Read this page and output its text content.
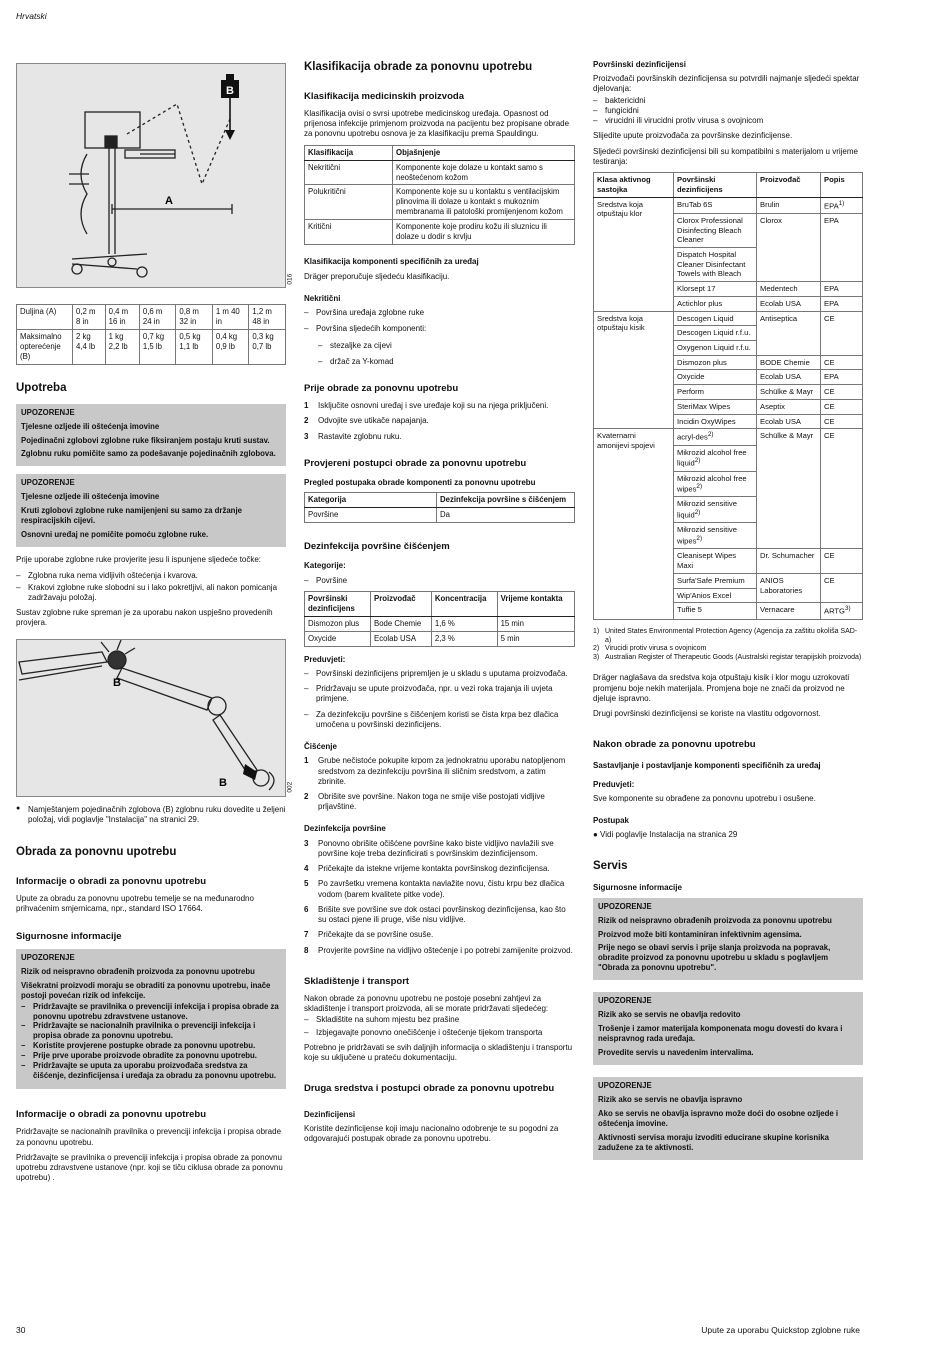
Hrvatski
B
A
016
Duljina (A)	0,2 m 8 in	0,4 m 16 in	0,6 m 24 in	0,8 m 32 in	1 m 40 in	1,2 m 48 in
Maksimalno opterećenje (B)	2 kg 4,4 lb	1 kg 2,2 lb	0,7 kg 1,5 lb	0,5 kg 1,1 lb	0,4 kg 0,9 lb	0,3 kg 0,7 lb
Upotreba
UPOZORENJE

Tjelesne ozljede ili oštećenja imovine

Pojedinačni zglobovi zglobne ruke fiksiranjem postaju kruti sustav.

Zglobnu ruku pomičite samo za podešavanje pojedinačnih zglobova.

UPOZORENJE

Tjelesne ozljede ili oštećenja imovine

Kruti zglobovi zglobne ruke namijenjeni su samo za držanje respiracijskih cijevi.

Osnovni uređaj ne pomičite pomoću zglobne ruke.

Prije uporabe zglobne ruke provjerite jesu li ispunjene sljedeće točke:

– Zglobna ruka nema vidljivih oštećenja i kvarova.
– Krakovi zglobne ruke slobodni su i lako pokretljivi, ali nakon pomicanja zadržavaju položaj.

Sustav zglobne ruke spreman je za uporabu nakon uspješno provedenih provjera.

B
B	002

● Namještanjem pojedinačnih zglobova (B) zglobnu ruku dovedite u željeni položaj, vidi poglavlje "Instalacija" na stranici 29.

Obrada za ponovnu upotrebu
Informacije o obradi za ponovnu upotrebu

Upute za obradu za ponovnu upotrebu temelje se na međunarodno prihvaćenim smjernicama, npr., standard ISO 17664.

Sigurnosne informacije
UPOZORENJE

Rizik od neispravno obrađenih proizvoda za ponovnu upotrebu

Višekratni proizvodi moraju se obraditi za ponovnu upotrebu, inače postoji povećan rizik od infekcije.

– Pridržavajte se pravilnika o prevenciji infekcija i propisa obrade za ponovnu upotrebu zdravstvene ustanove.
– Pridržavajte se nacionalnih pravilnika o prevenciji infekcija i propisa obrade za ponovnu upotrebu.
– Koristite provjerene postupke obrade za ponovnu upotrebu.
– Prije prve uporabe proizvode obradite za ponovnu upotrebu.
– Pridržavajte se uputa za uporabu proizvođača sredstva za čišćenje, dezinficijensa i uređaja za obradu za ponovnu upotrebu.
Informacije o obradi za ponovnu upotrebu

Pridržavajte se nacionalnih pravilnika o prevenciji infekcija i propisa obrade za ponovnu upotrebu.

Pridržavajte se pravilnika o prevenciji infekcija i propisa obrade za ponovnu upotrebu zdravstvene ustanove (npr. koji se tiču ciklusa obrade za ponovnu upotrebu) .

Klasifikacija obrade za ponovnu upotrebu
Klasifikacija medicinskih proizvoda

Klasifikacija ovisi o svrsi upotrebe medicinskog uređaja. Opasnost od prijenosa infekcije primjenom proizvoda na pacijentu bez propisane obrade za ponovnu upotrebu osnova je za klasifikaciju prema Spauldingu.

Klasifikacija	Objašnjenje
Nekritični	Komponente koje dolaze u kontakt samo s neoštećenom kožom
Polukritični	Komponente koje su u kontaktu s ventilacijskim plinovima ili dolaze u kontakt s mukoznim membranama ili patološki promijenjenom kožom
Kritični	Komponente koje prodiru kožu ili sluznicu ili dolaze u dodir s krvlju
Klasifikacija komponenti specifičnih za uređaj

Dräger preporučuje sljedeću klasifikaciju.

Nekritični
– Površina uređaja zglobne ruke
– Površina sljedećih komponenti:
– stezaljke za cijevi
– držač za Y-komad
Prije obrade za ponovnu upotrebu
1 Isključite osnovni uređaj i sve uređaje koji su na njega priključeni.
2 Odvojite sve utikače napajanja.
3 Rastavite zglobnu ruku.
Provjereni postupci obrade za ponovnu upotrebu
Pregled postupaka obrade komponenti za ponovnu upotrebu
Kategorija	Dezinfekcija površine s čišćenjem
Površine	Da
Dezinfekcija površine čišćenjem
Kategorije:
– Površine
Površinski dezinficijens	Proizvođač	Koncentracija	Vrijeme kontakta
Dismozon plus	Bode Chemie	1,6 %	15 min
Oxycide	Ecolab USA	2,3 %	5 min
Preduvjeti:
– Površinski dezinficijens pripremljen je u skladu s uputama proizvođača.
– Pridržavaju se upute proizvođača, npr. u vezi roka trajanja ili uvjeta primjene.
– Za dezinfekciju površine s čišćenjem koristi se čista krpa bez dlačica umočena u površinski dezinficijens.
Čišćenje
1 Grube nečistoće pokupite krpom za jednokratnu uporabu natopljenom sredstvom za dezinfekciju površina ili sličnim sredstvom, a zatim zbrinite.
2 Obrišite sve površine. Nakon toga ne smije više postojati vidljive prljavštine.
Dezinfekcija površine
3 Ponovno obrišite očišćene površine kako biste vidljivo navlažili sve površine koje treba dezinficirati s površinskim dezinficijensom.
4 Pričekajte da istekne vrijeme kontakta površinskog dezinficijensa.
5 Po završetku vremena kontakta navlažite novu, čistu krpu bez dlačica vodom (barem kvalitete pitke vode).
6 Brišite sve površine sve dok ostaci površinskog dezinficijensa, kao što su ostaci pjene ili pruge, više nisu vidljive.
7 Pričekajte da se površine osuše.
8 Provjerite površine na vidljivo oštećenje i po potrebi zamijenite proizvod.
Skladištenje i transport

Nakon obrade za ponovnu upotrebu ne postoje posebni zahtjevi za skladištenje i transport proizvoda, ali se morate pridržavati sljedećeg:

– Skladištite na suhom mjestu bez prašine
– Izbjegavajte ponovno onečišćenje i oštećenje tijekom transporta

Potrebno je pridržavati se svih daljnjih informacija o skladištenju i transportu koje su uključene u prateću dokumentaciju.

Druga sredstva i postupci obrade za ponovnu upotrebu
Dezinficijensi

Koristite dezinficijense koji imaju nacionalno odobrenje te su pogodni za odgovarajući postupak obrade za ponovnu upotrebu.

Površinski dezinficijensi

Proizvođači površinskih dezinficijensa su potvrdili najmanje sljedeći spektar djelovanja:

– baktericidni
– fungicidni
– virucidni ili virucidni protiv virusa s ovojnicom

Slijedite upute proizvođača za površinske dezinficijense.

Sljedeći površinski dezinficijensi bili su kompatibilni s materijalom u vrijeme testiranja:

Klasa aktivnog sastojka	Površinski dezinficijens	Proizvođač	Popis
Sredstva koja otpuštaju klor	BruTab 6S	Brulin	EPA$^{1)}$
	Clorox Professional Disinfecting Bleach Cleaner	Clorox	EPA
	Dispatch Hospital Cleaner Disinfectant Towels with Bleach		
	Klorsept 17	Medentech	EPA
	Actichlor plus	Ecolab USA	EPA
Sredstva koja otpuštaju kisik	Descogen Liquid	Antiseptica	CE
	Descogen Liquid r.f.u.		
	Oxygenon Liquid r.f.u.		
	Dismozon plus	BODE Chemie	CE
	Oxycide	Ecolab USA	EPA
	Perform	Schülke & Mayr	CE
	SteriMax Wipes	Aseptix	CE
	Incidin OxyWipes	Ecolab USA	CE
Kvaternarni amonijevi spojevi	acryl-des$^{2)}$	Schülke & Mayr	CE
	Mikrozid alcohol free liquid$^{2)}$
	Mikrozid alcohol free wipes$^{2)}$
	Mikrozid sensitive liquid$^{2)}$
	Mikrozid sensitive wipes$^{2)}$
	Cleanisept Wipes Maxi	Dr. Schumacher	CE
	Surfa'Safe Premium	ANIOS Laboratories	CE
	Wip'Anios Excel		
	Tuffie 5	Vernacare	ARTG$^{3)}$
1) United States Environmental Protection Agency (Agencija za zaštitu okoliša SAD-a)
2) Virucidi protiv virusa s ovojnicom
3) Australian Register of Therapeutic Goods (Australski registar terapijskih proizvoda)

Dräger naglašava da sredstva koja otpuštaju kisik i klor mogu uzrokovati promjenu boje nekih materijala. Promjena boje ne znači da proizvod ne djeluje ispravno.

Drugi površinski dezinficijensi se koriste na vlastitu odgovornost.

Nakon obrade za ponovnu upotrebu
Sastavljanje i postavljanje komponenti specifičnih za uređaj
Preduvjeti:

Sve komponente su obrađene za ponovnu upotrebu i osušene.

Postupak

● Vidi poglavlje Instalacija na stranica 29

Servis
Sigurnosne informacije
UPOZORENJE

Rizik od neispravno obrađenih proizvoda za ponovnu upotrebu

Proizvod može biti kontaminiran infektivnim agensima.

Prije nego se obavi servis i prije slanja proizvoda na popravak, obradite proizvod za ponovnu upotrebu u skladu s poglavljem "Obrada za ponovnu upotrebu".

UPOZORENJE

Rizik ako se servis ne obavlja redovito

Trošenje i zamor materijala komponenata mogu dovesti do kvara i neispravnog rada uređaja.

Provedite servis u navedenim intervalima.

UPOZORENJE

Rizik ako se servis ne obavlja ispravno

Ako se servis ne obavlja ispravno može doći do osobne ozljede i oštećenja imovine.

Aktivnosti servisa moraju izvoditi educirane skupine korisnika zadužene za te aktivnosti.

30	Upute za uporabu Quickstop zglobne ruke
